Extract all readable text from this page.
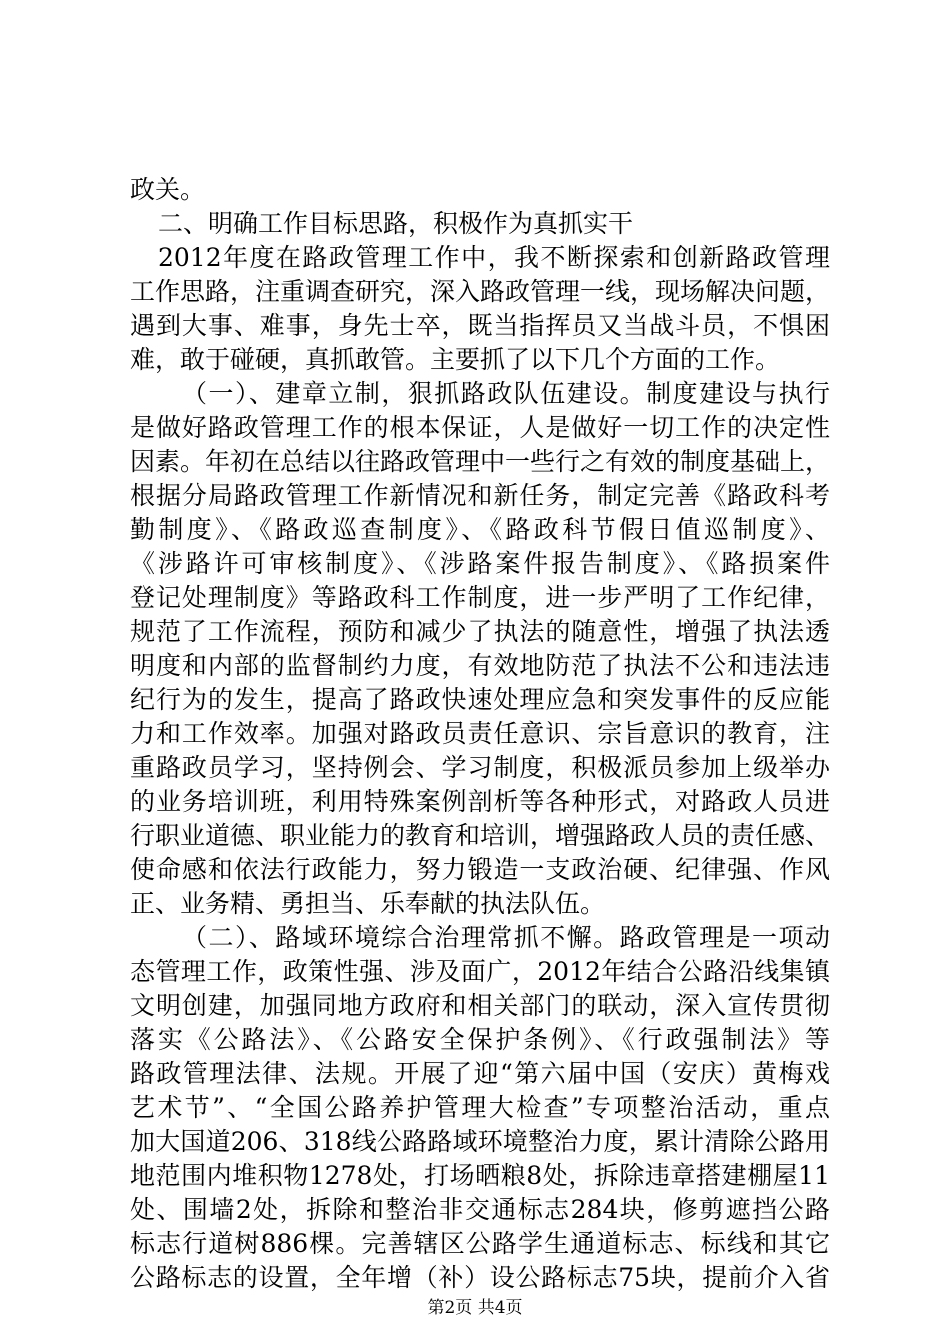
政关。
二、明确工作目标思路，积极作为真抓实干
2012年度在路政管理工作中，我不断探索和创新路政管理
工作思路，注重调查研究，深入路政管理一线，现场解决问题，
遇到大事、难事，身先士卒，既当指挥员又当战斗员，不惧困
难，敢于碰硬，真抓敢管。主要抓了以下几个方面的工作。
（一）、建章立制，狠抓路政队伍建设。制度建设与执行
是做好路政管理工作的根本保证，人是做好一切工作的决定性
因素。年初在总结以往路政管理中一些行之有效的制度基础上，
根据分局路政管理工作新情况和新任务，制定完善《路政科考
勤制度》、《路政巡查制度》、《路政科节假日值巡制度》、
《涉路许可审核制度》、《涉路案件报告制度》、《路损案件
登记处理制度》等路政科工作制度，进一步严明了工作纪律，
规范了工作流程，预防和减少了执法的随意性，增强了执法透
明度和内部的监督制约力度，有效地防范了执法不公和违法违
纪行为的发生，提高了路政快速处理应急和突发事件的反应能
力和工作效率。加强对路政员责任意识、宗旨意识的教育，注
重路政员学习，坚持例会、学习制度，积极派员参加上级举办
的业务培训班，利用特殊案例剖析等各种形式，对路政人员进
行职业道德、职业能力的教育和培训，增强路政人员的责任感、
使命感和依法行政能力，努力锻造一支政治硬、纪律强、作风
正、业务精、勇担当、乐奉献的执法队伍。
（二）、路域环境综合治理常抓不懈。路政管理是一项动
态管理工作，政策性强、涉及面广，2012年结合公路沿线集镇
文明创建，加强同地方政府和相关部门的联动，深入宣传贯彻
落实《公路法》、《公路安全保护条例》、《行政强制法》等
路政管理法律、法规。开展了迎“第六届中国（安庆）黄梅戏
艺术节”、“全国公路养护管理大检查”专项整治活动，重点
加大国道206、318线公路路域环境整治力度，累计清除公路用
地范围内堆积物1278处，打场晒粮8处，拆除违章搭建棚屋11
处、围墙2处，拆除和整治非交通标志284块，修剪遮挡公路
标志行道树886棵。完善辖区公路学生通道标志、标线和其它
公路标志的设置，全年增（补）设公路标志75块，提前介入省
第2页 共4页
